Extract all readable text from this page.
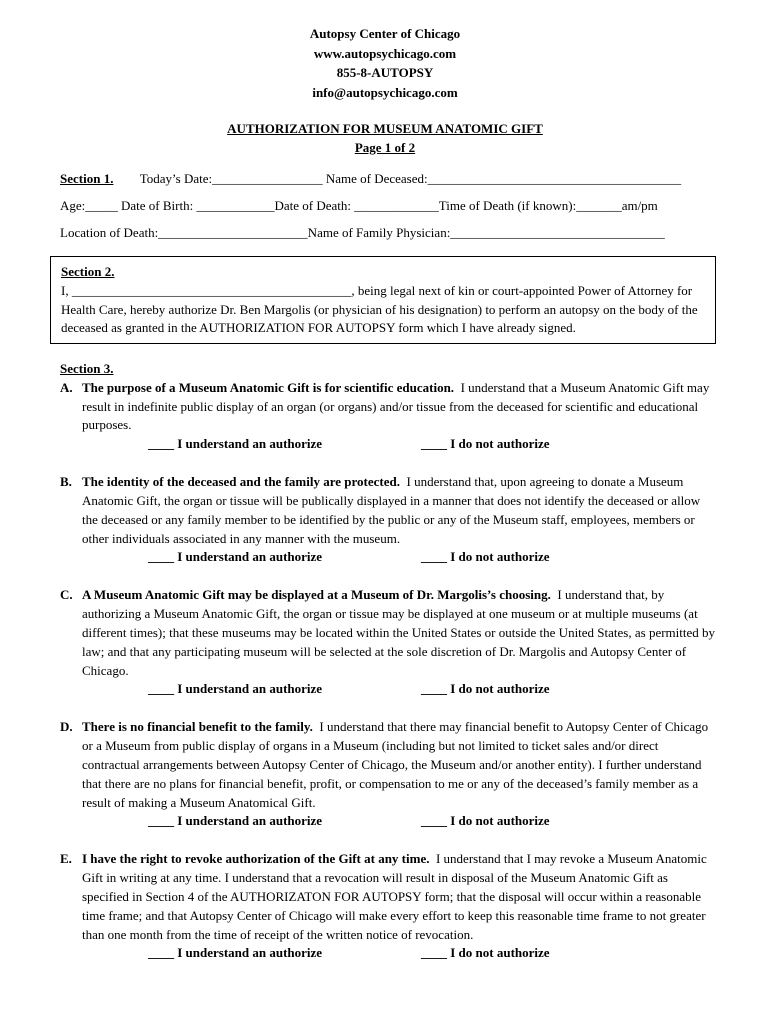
Autopsy Center of Chicago
www.autopsychicago.com
855-8-AUTOPSY
info@autopsychicago.com
AUTHORIZATION FOR MUSEUM ANATOMIC GIFT
Page 1 of 2
Section 1. Today’s Date:_________________ Name of Deceased:_______________________________________
Age:_____ Date of Birth: ____________Date of Death: _____________Time of Death (if known):_______am/pm
Location of Death:_______________________Name of Family Physician:_________________________________

Section 2.

I, ___________________________________________, being legal next of kin or court-appointed Power of Attorney for Health Care, hereby authorize Dr. Ben Margolis (or physician of his designation) to perform an autopsy on the body of the deceased as granted in the AUTHORIZATION FOR AUTOPSY form which I have already signed.

Section 3.
A. The purpose of a Museum Anatomic Gift is for scientific education. I understand that a Museum Anatomic Gift may result in indefinite public display of an organ (or organs) and/or tissue from the deceased for scientific and educational purposes.
____ I understand an authorize	____ I do not authorize
B. The identity of the deceased and the family are protected. I understand that, upon agreeing to donate a Museum Anatomic Gift, the organ or tissue will be publically displayed in a manner that does not identify the deceased or allow the deceased or any family member to be identified by the public or any of the Museum staff, employees, members or other individuals associated in any manner with the museum.
____ I understand an authorize	____ I do not authorize
C. A Museum Anatomic Gift may be displayed at a Museum of Dr. Margolis’s choosing. I understand that, by authorizing a Museum Anatomic Gift, the organ or tissue may be displayed at one museum or at multiple museums (at different times); that these museums may be located within the United States or outside the United States, as permitted by law; and that any participating museum will be selected at the sole discretion of Dr. Margolis and Autopsy Center of Chicago.
____ I understand an authorize	____ I do not authorize
D. There is no financial benefit to the family. I understand that there may financial benefit to Autopsy Center of Chicago or a Museum from public display of organs in a Museum (including but not limited to ticket sales and/or direct contractual arrangements between Autopsy Center of Chicago, the Museum and/or another entity). I further understand that there are no plans for financial benefit, profit, or compensation to me or any of the deceased’s family member as a result of making a Museum Anatomical Gift.
____ I understand an authorize	____ I do not authorize
E. I have the right to revoke authorization of the Gift at any time. I understand that I may revoke a Museum Anatomic Gift in writing at any time. I understand that a revocation will result in disposal of the Museum Anatomic Gift as specified in Section 4 of the AUTHORIZATON FOR AUTOPSY form; that the disposal will occur within a reasonable time frame; and that Autopsy Center of Chicago will make every effort to keep this reasonable time frame to not greater than one month from the time of receipt of the written notice of revocation.
____ I understand an authorize	____ I do not authorize
